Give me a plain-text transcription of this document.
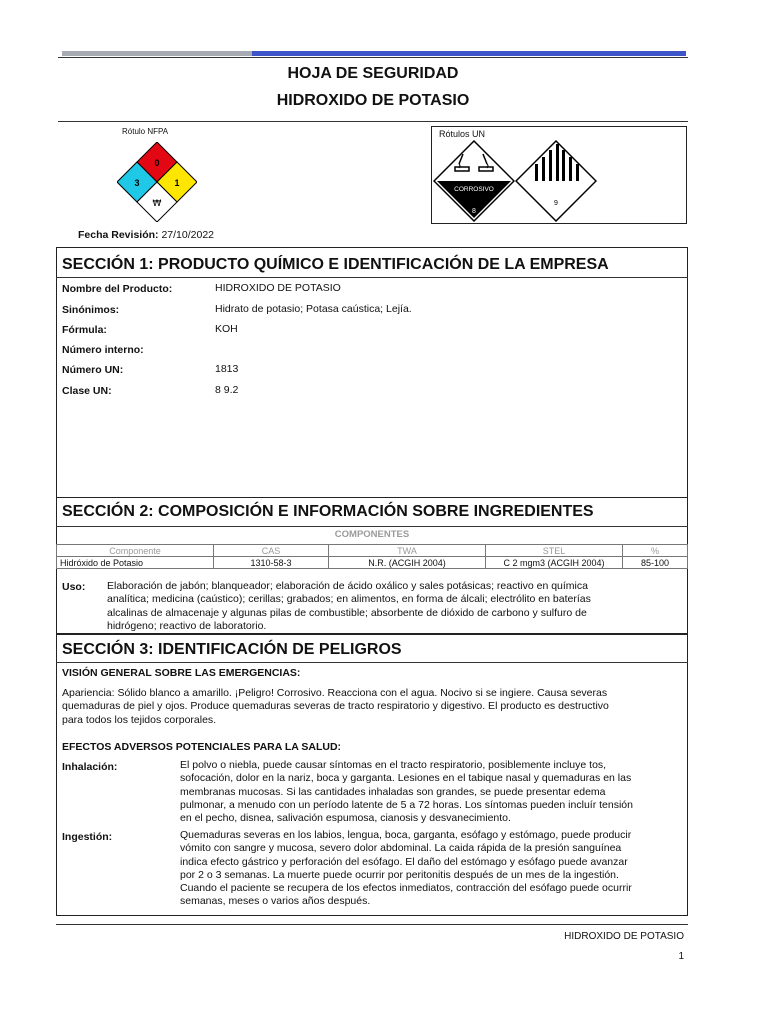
HOJA DE SEGURIDAD
HIDROXIDO DE POTASIO
Rótulo NFPA
0
1
3
₩
Rótulos UN
CORROSIVO
8
9
Fecha Revisión: 27/10/2022
SECCIÓN 1: PRODUCTO QUÍMICO E IDENTIFICACIÓN DE LA EMPRESA
Nombre del Producto:	HIDROXIDO DE POTASIO
Sinónimos:	Hidrato de potasio; Potasa caústica; Lejía.
Fórmula:	KOH
Número interno:
Número UN:	1813
Clase UN:	8 9.2
SECCIÓN 2: COMPOSICIÓN E INFORMACIÓN SOBRE INGREDIENTES
COMPONENTES
Componente	CAS	TWA	STEL	%
Hidróxido de Potasio	1310-58-3	N.R. (ACGIH 2004)	C 2 mgm3 (ACGIH 2004)	85-100
Uso: Elaboración de jabón; blanqueador; elaboración de ácido oxálico y sales potásicas; reactivo en química
analítica; medicina (caústico); cerillas; grabados; en alimentos, en forma de álcali; electrólito en baterías
alcalinas de almacenaje y algunas pilas de combustible; absorbente de dióxido de carbono y sulfuro de
hidrógeno; reactivo de laboratorio.
SECCIÓN 3: IDENTIFICACIÓN DE PELIGROS
VISIÓN GENERAL SOBRE LAS EMERGENCIAS:
Apariencia: Sólido blanco a amarillo. ¡Peligro! Corrosivo. Reacciona con el agua. Nocivo si se ingiere. Causa severas
quemaduras de piel y ojos. Produce quemaduras severas de tracto respiratorio y digestivo. El producto es destructivo
para todos los tejidos corporales.
EFECTOS ADVERSOS POTENCIALES PARA LA SALUD:
Inhalación:	El polvo o niebla, puede causar síntomas en el tracto respiratorio, posiblemente incluye tos,
sofocación, dolor en la nariz, boca y garganta. Lesiones en el tabique nasal y quemaduras en las
membranas mucosas. Si las cantidades inhaladas son grandes, se puede presentar edema
pulmonar, a menudo con un período latente de 5 a 72 horas. Los síntomas pueden incluír tensión
en el pecho, disnea, salivación espumosa, cianosis y desvanecimiento.
Ingestión:	Quemaduras severas en los labios, lengua, boca, garganta, esófago y estómago, puede producir
vómito con sangre y mucosa, severo dolor abdominal. La caida rápida de la presión sanguínea
indica efecto gástrico y perforación del esófago. El daño del estómago y esófago puede avanzar
por 2 o 3 semanas. La muerte puede ocurrir por peritonitis después de un mes de la ingestión.
Cuando el paciente se recupera de los efectos inmediatos, contracción del esófago puede ocurrir
semanas, meses o varios años después.
HIDROXIDO DE POTASIO
1
